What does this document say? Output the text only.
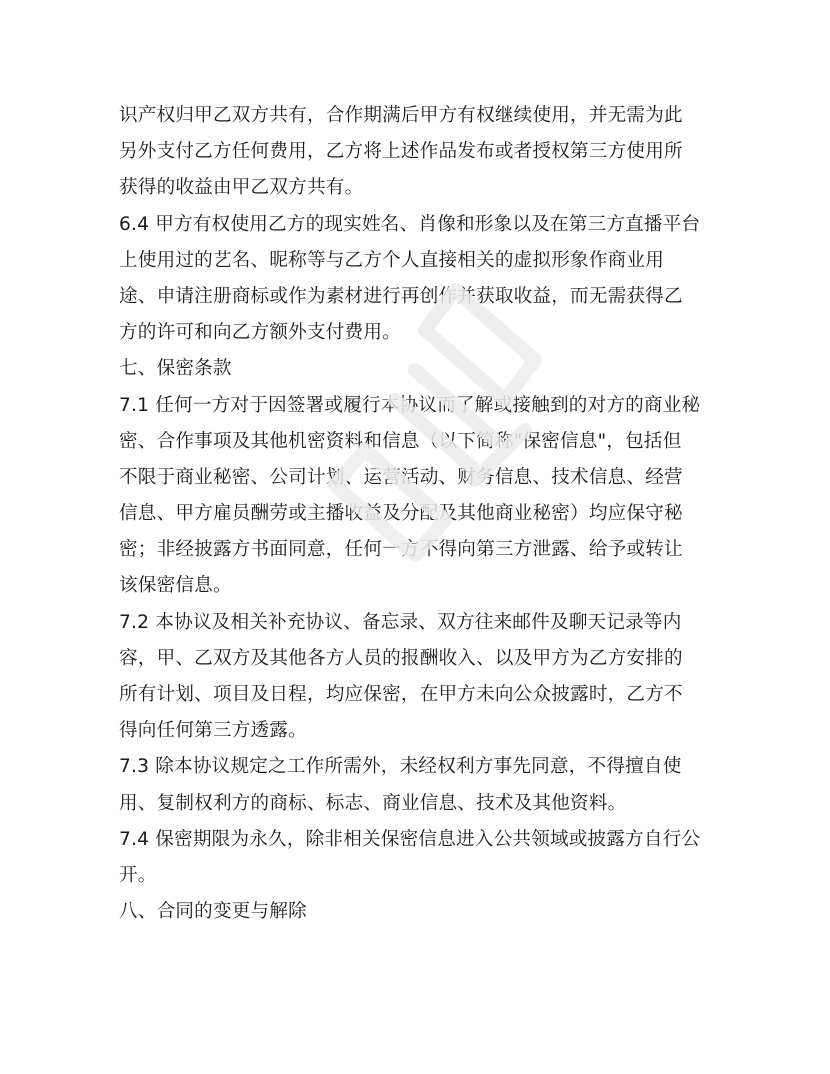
识产权归甲乙双方共有，合作期满后甲方有权继续使用，并无需为此
另外支付乙方任何费用，乙方将上述作品发布或者授权第三方使用所
获得的收益由甲乙双方共有。
6.4 甲方有权使用乙方的现实姓名、肖像和形象以及在第三方直播平台
上使用过的艺名、昵称等与乙方个人直接相关的虚拟形象作商业用
途、申请注册商标或作为素材进行再创作并获取收益，而无需获得乙
方的许可和向乙方额外支付费用。
七、保密条款
7.1 任何一方对于因签署或履行本协议而了解或接触到的对方的商业秘
密、合作事项及其他机密资料和信息（以下简称"保密信息"，包括但
不限于商业秘密、公司计划、运营活动、财务信息、技术信息、经营
信息、甲方雇员酬劳或主播收益及分配及其他商业秘密）均应保守秘
密；非经披露方书面同意，任何一方不得向第三方泄露、给予或转让
该保密信息。
7.2 本协议及相关补充协议、备忘录、双方往来邮件及聊天记录等内
容，甲、乙双方及其他各方人员的报酬收入、以及甲方为乙方安排的
所有计划、项目及日程，均应保密，在甲方未向公众披露时，乙方不
得向任何第三方透露。
7.3 除本协议规定之工作所需外，未经权利方事先同意，不得擅自使
用、复制权利方的商标、标志、商业信息、技术及其他资料。
7.4 保密期限为永久，除非相关保密信息进入公共领域或披露方自行公
开。
八、合同的变更与解除
